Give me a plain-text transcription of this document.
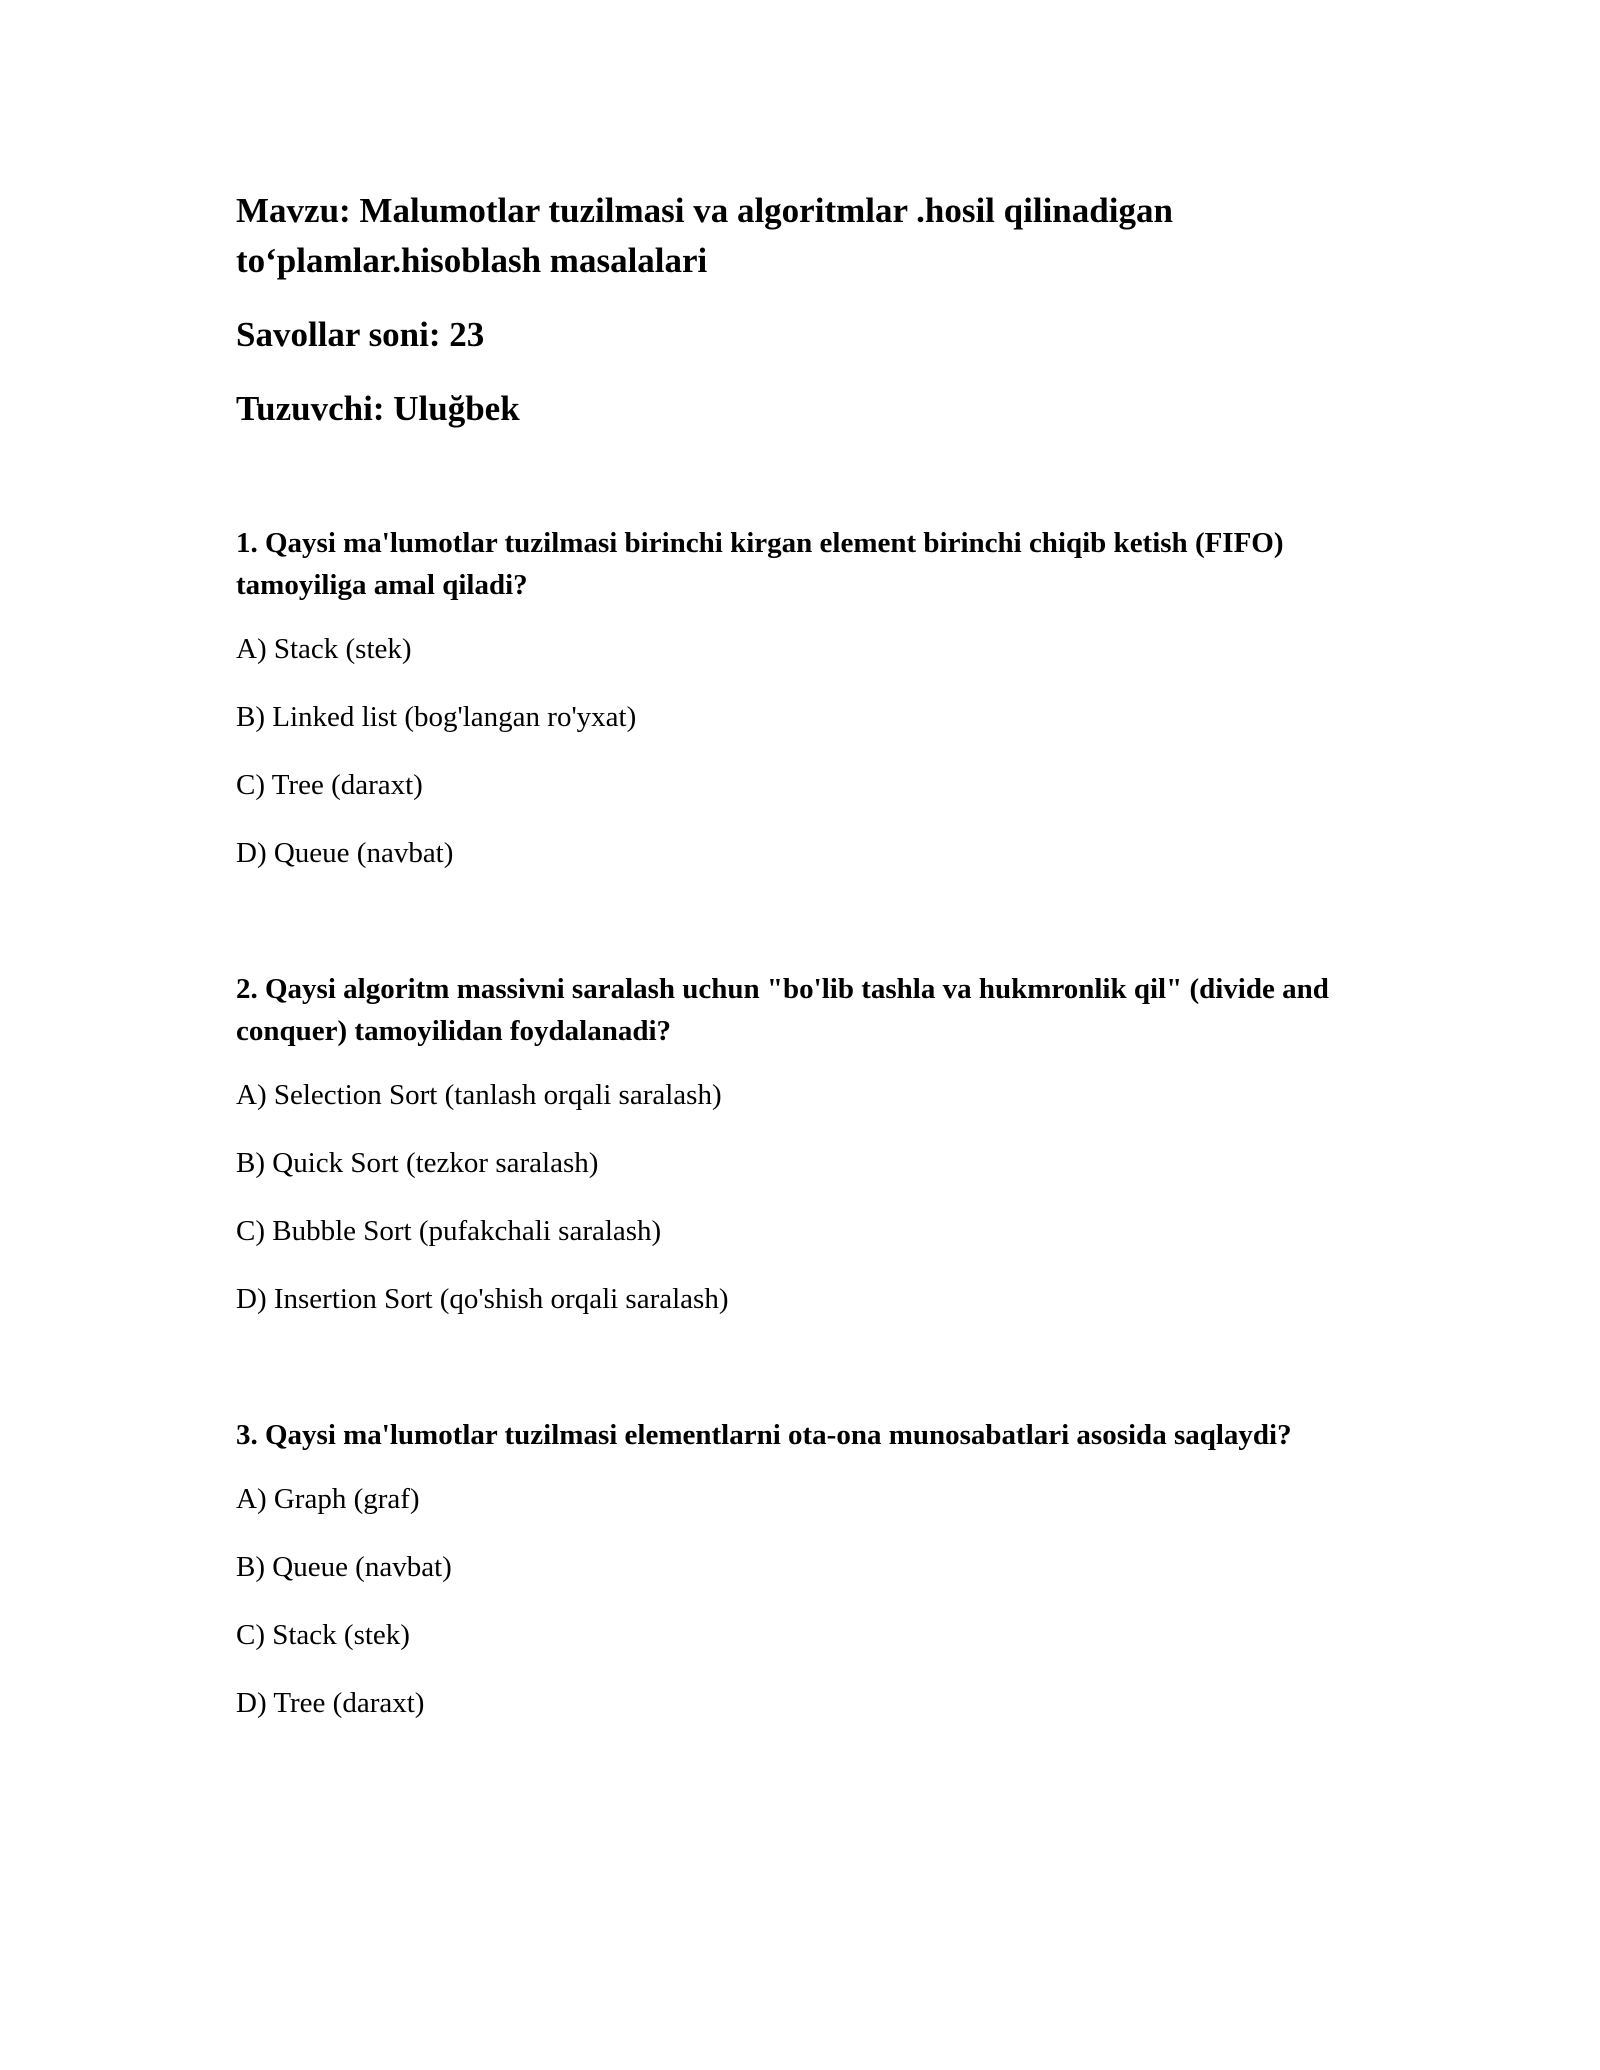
Mavzu: Malumotlar tuzilmasi va algoritmlar .hosil qilinadigan to‘plamlar.hisoblash masalalari

Savollar soni: 23

Tuzuvchi: Uluğbek

1. Qaysi ma'lumotlar tuzilmasi birinchi kirgan element birinchi chiqib ketish (FIFO) tamoyiliga amal qiladi?

A) Stack (stek)

B) Linked list (bog'langan ro'yxat)

C) Tree (daraxt)

D) Queue (navbat)

2. Qaysi algoritm massivni saralash uchun "bo'lib tashla va hukmronlik qil" (divide and conquer) tamoyilidan foydalanadi?

A) Selection Sort (tanlash orqali saralash)

B) Quick Sort (tezkor saralash)

C) Bubble Sort (pufakchali saralash)

D) Insertion Sort (qo'shish orqali saralash)

3. Qaysi ma'lumotlar tuzilmasi elementlarni ota-ona munosabatlari asosida saqlaydi?

A) Graph (graf)

B) Queue (navbat)

C) Stack (stek)

D) Tree (daraxt)
